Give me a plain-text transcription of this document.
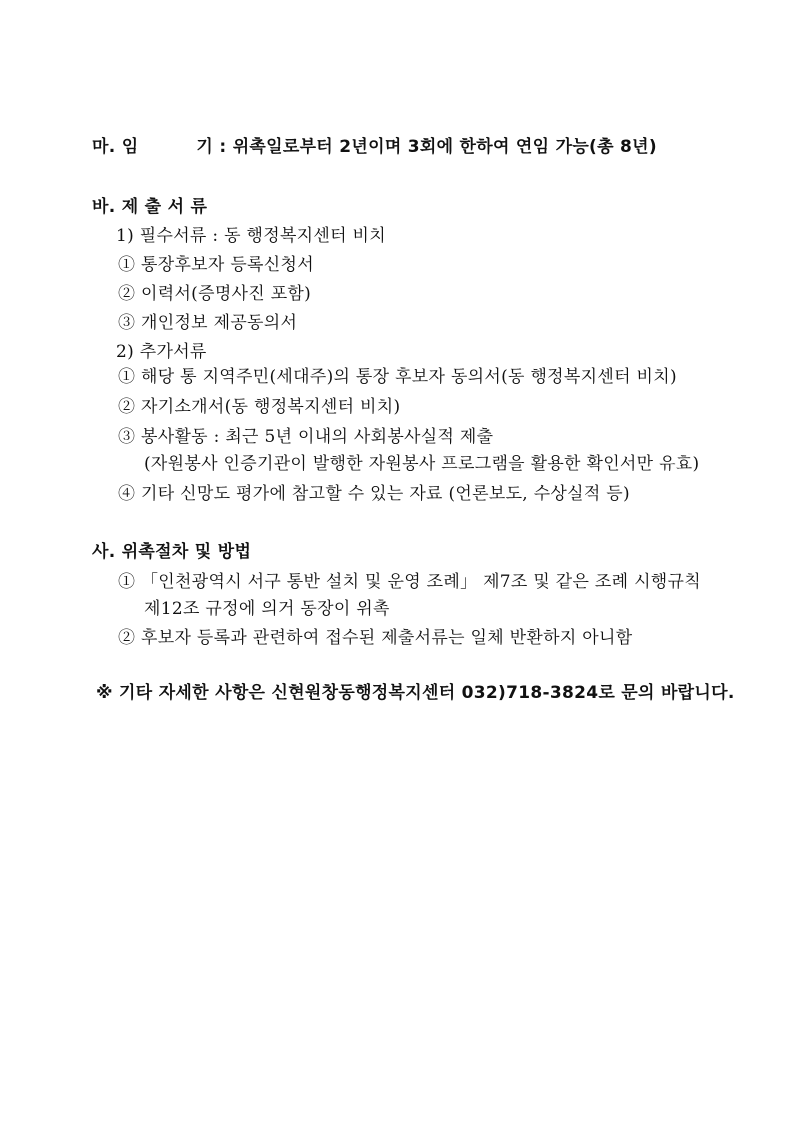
마. 임	기 : 위촉일로부터 2년이며 3회에 한하여 연임 가능(총 8년)
바. 제 출 서 류
1) 필수서류 : 동 행정복지센터 비치
① 통장후보자 등록신청서
② 이력서(증명사진 포함)
③ 개인정보 제공동의서
2) 추가서류
① 해당 통 지역주민(세대주)의 통장 후보자 동의서(동 행정복지센터 비치)
② 자기소개서(동 행정복지센터 비치)
③ 봉사활동 : 최근 5년 이내의 사회봉사실적 제출
(자원봉사 인증기관이 발행한 자원봉사 프로그램을 활용한 확인서만 유효)
④ 기타 신망도 평가에 참고할 수 있는 자료 (언론보도, 수상실적 등)
사. 위촉절차 및 방법
① 「인천광역시 서구 통반 설치 및 운영 조례」 제7조 및 같은 조례 시행규칙
제12조 규정에 의거 동장이 위촉
② 후보자 등록과 관련하여 접수된 제출서류는 일체 반환하지 아니함
※ 기타 자세한 사항은 신현원창동행정복지센터 032)718-3824로 문의 바랍니다.
